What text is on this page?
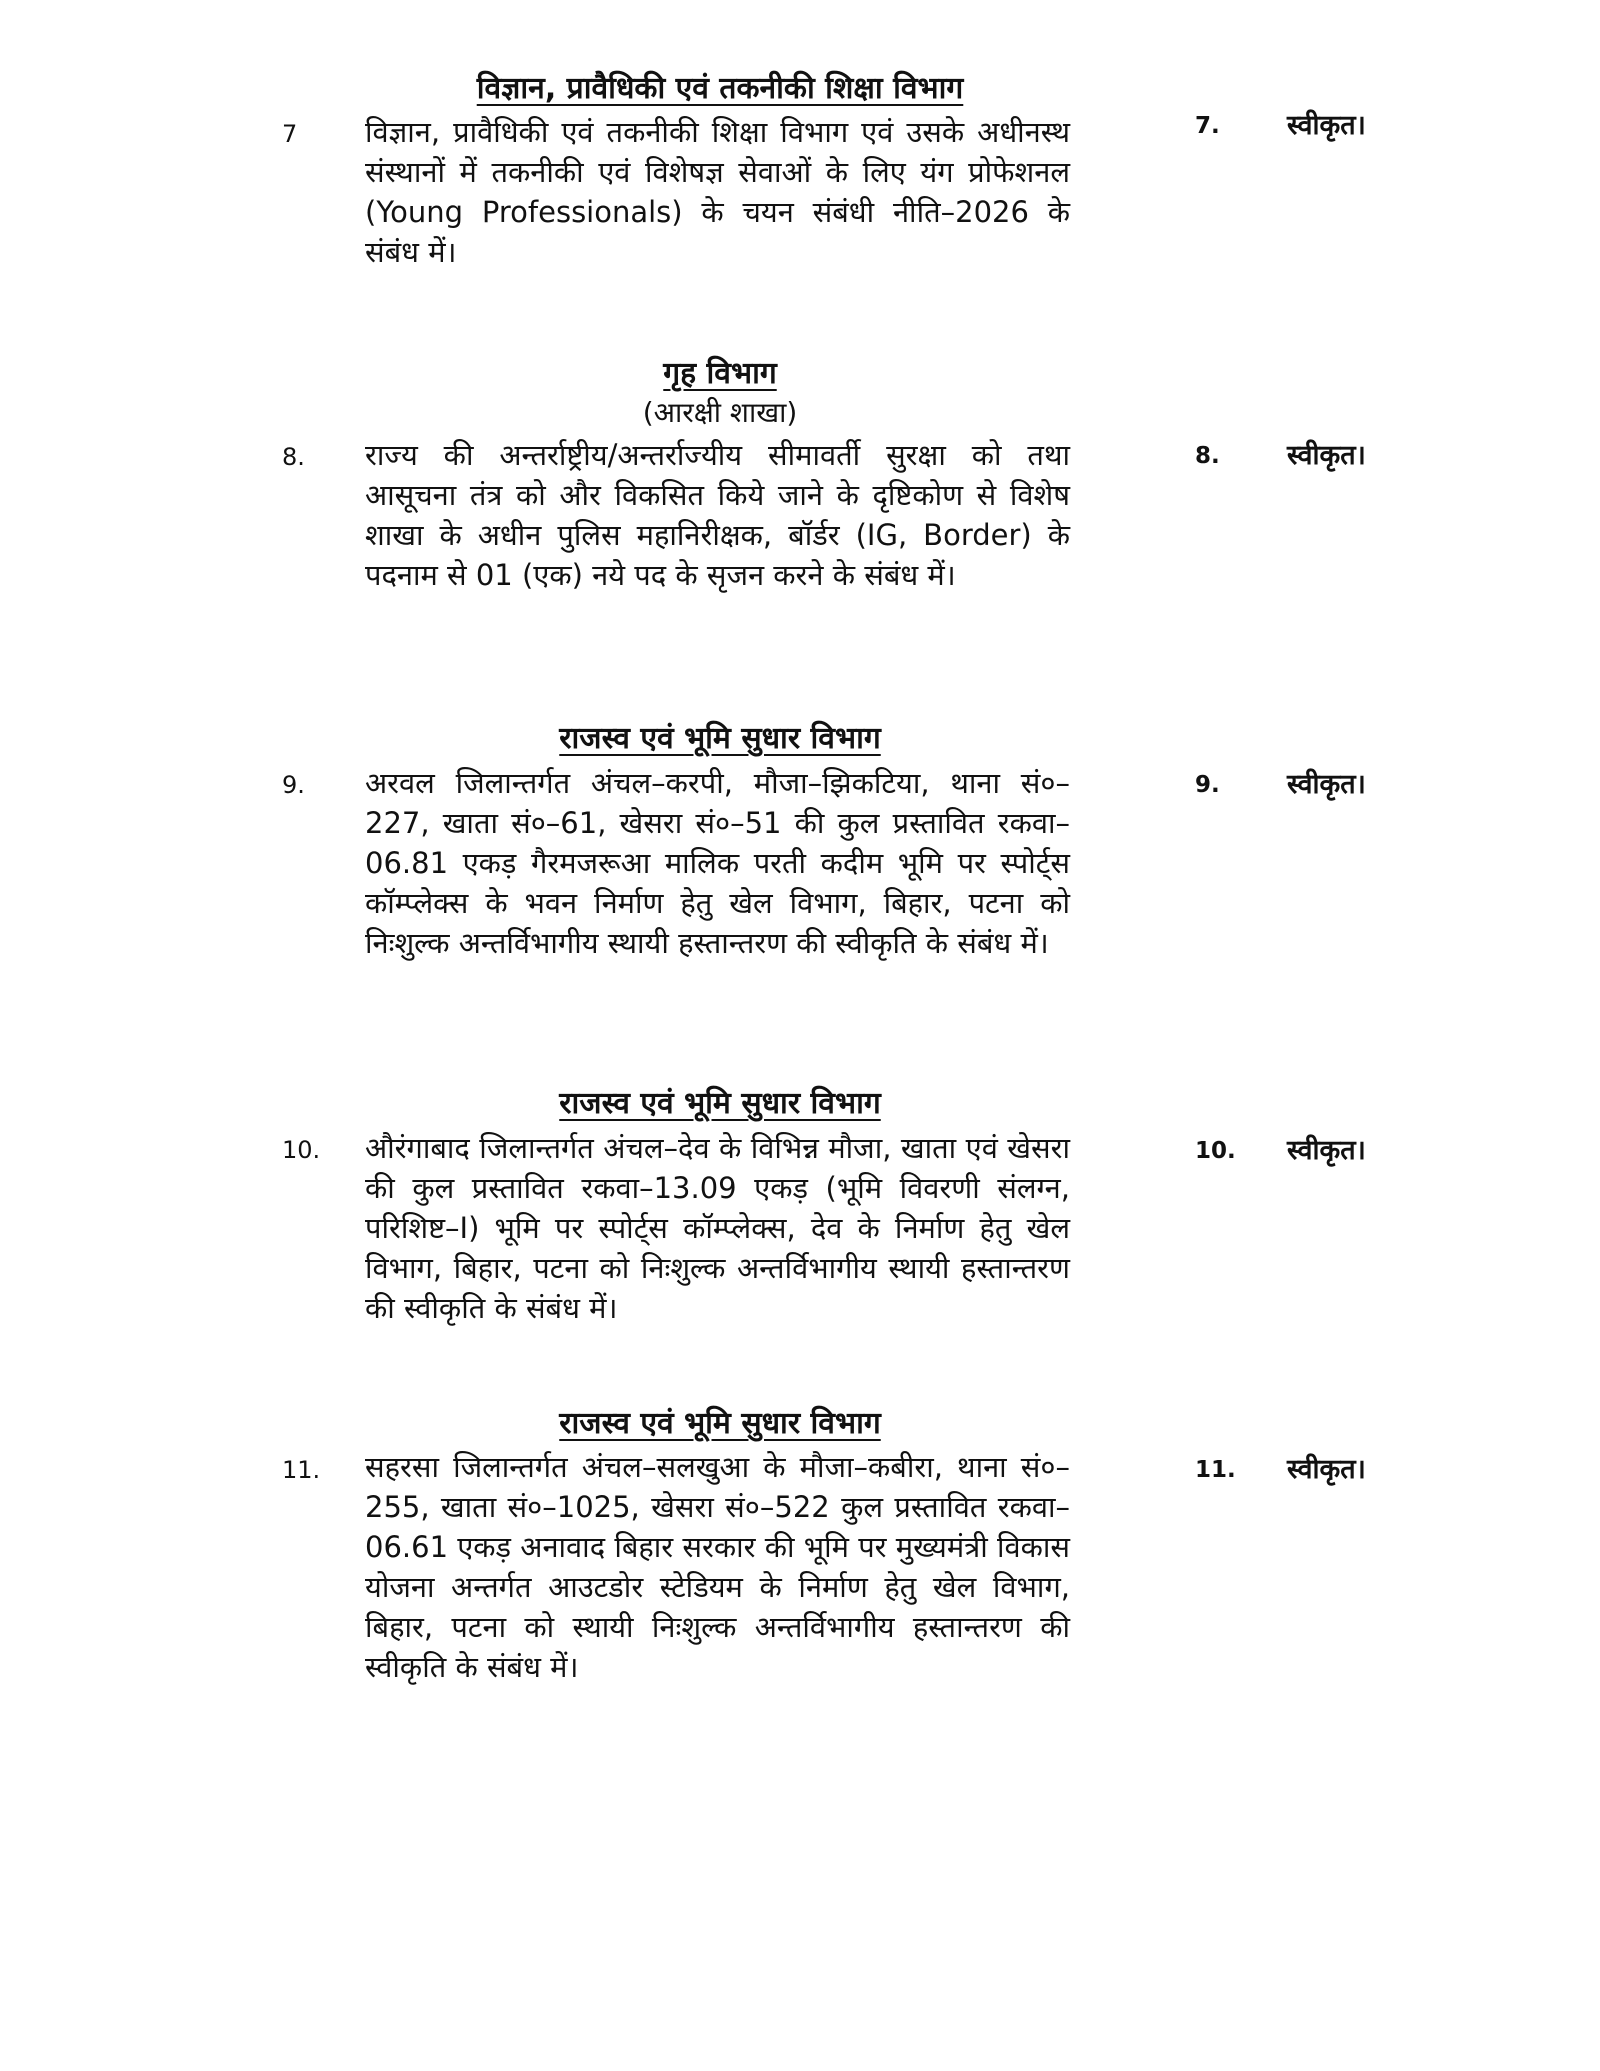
विज्ञान, प्रावैधिकी एवं तकनीकी शिक्षा विभाग
7 विज्ञान, प्रावैधिकी एवं तकनीकी शिक्षा विभाग एवं उसके अधीनस्थ संस्थानों में तकनीकी एवं विशेषज्ञ सेवाओं के लिए यंग प्रोफेशनल (Young Professionals) के चयन संबंधी नीति–2026 के संबंध में।
7. स्वीकृत।
गृह विभाग
(आरक्षी शाखा)
8. राज्य की अन्तर्राष्ट्रीय/अन्तर्राज्यीय सीमावर्ती सुरक्षा को तथा आसूचना तंत्र को और विकसित किये जाने के दृष्टिकोण से विशेष शाखा के अधीन पुलिस महानिरीक्षक, बॉर्डर (IG, Border) के पदनाम से 01 (एक) नये पद के सृजन करने के संबंध में।
8. स्वीकृत।
राजस्व एवं भूमि सुधार विभाग
9. अरवल जिलान्तर्गत अंचल–करपी, मौजा–झिकटिया, थाना सं०–227, खाता सं०–61, खेसरा सं०–51 की कुल प्रस्तावित रकवा–06.81 एकड़ गैरमजरूआ मालिक परती कदीम भूमि पर स्पोर्ट्स कॉम्प्लेक्स के भवन निर्माण हेतु खेल विभाग, बिहार, पटना को निःशुल्क अन्तर्विभागीय स्थायी हस्तान्तरण की स्वीकृति के संबंध में।
9. स्वीकृत।
राजस्व एवं भूमि सुधार विभाग
10. औरंगाबाद जिलान्तर्गत अंचल–देव के विभिन्न मौजा, खाता एवं खेसरा की कुल प्रस्तावित रकवा–13.09 एकड़ (भूमि विवरणी संलग्न, परिशिष्ट–I) भूमि पर स्पोर्ट्स कॉम्प्लेक्स, देव के निर्माण हेतु खेल विभाग, बिहार, पटना को निःशुल्क अन्तर्विभागीय स्थायी हस्तान्तरण की स्वीकृति के संबंध में।
10. स्वीकृत।
राजस्व एवं भूमि सुधार विभाग
11. सहरसा जिलान्तर्गत अंचल–सलखुआ के मौजा–कबीरा, थाना सं०–255, खाता सं०–1025, खेसरा सं०–522 कुल प्रस्तावित रकवा–06.61 एकड़ अनावाद बिहार सरकार की भूमि पर मुख्यमंत्री विकास योजना अन्तर्गत आउटडोर स्टेडियम के निर्माण हेतु खेल विभाग, बिहार, पटना को स्थायी निःशुल्क अन्तर्विभागीय हस्तान्तरण की स्वीकृति के संबंध में।
11. स्वीकृत।
